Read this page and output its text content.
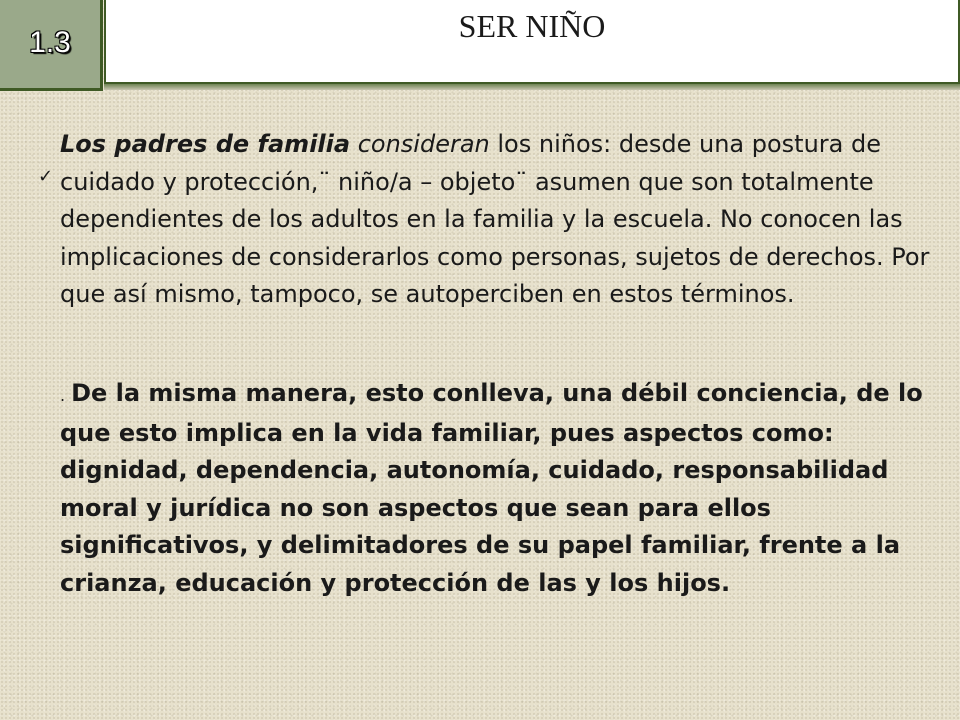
1.3	SER NIÑO
✓

Los padres de familia consideran los niños: desde una postura de cuidado y protección,¨ niño/a – objeto¨ asumen que son totalmente dependientes de los adultos en la familia y la escuela. No conocen las implicaciones de considerarlos como personas, sujetos de derechos. Por que así mismo, tampoco, se autoperciben en estos términos.

. De la misma manera, esto conlleva, una débil conciencia, de lo que esto implica en la vida familiar, pues aspectos como: dignidad, dependencia, autonomía, cuidado, responsabilidad moral y jurídica no son aspectos que sean para ellos significativos, y delimitadores de su papel familiar, frente a la crianza, educación y protección de las y los hijos.
